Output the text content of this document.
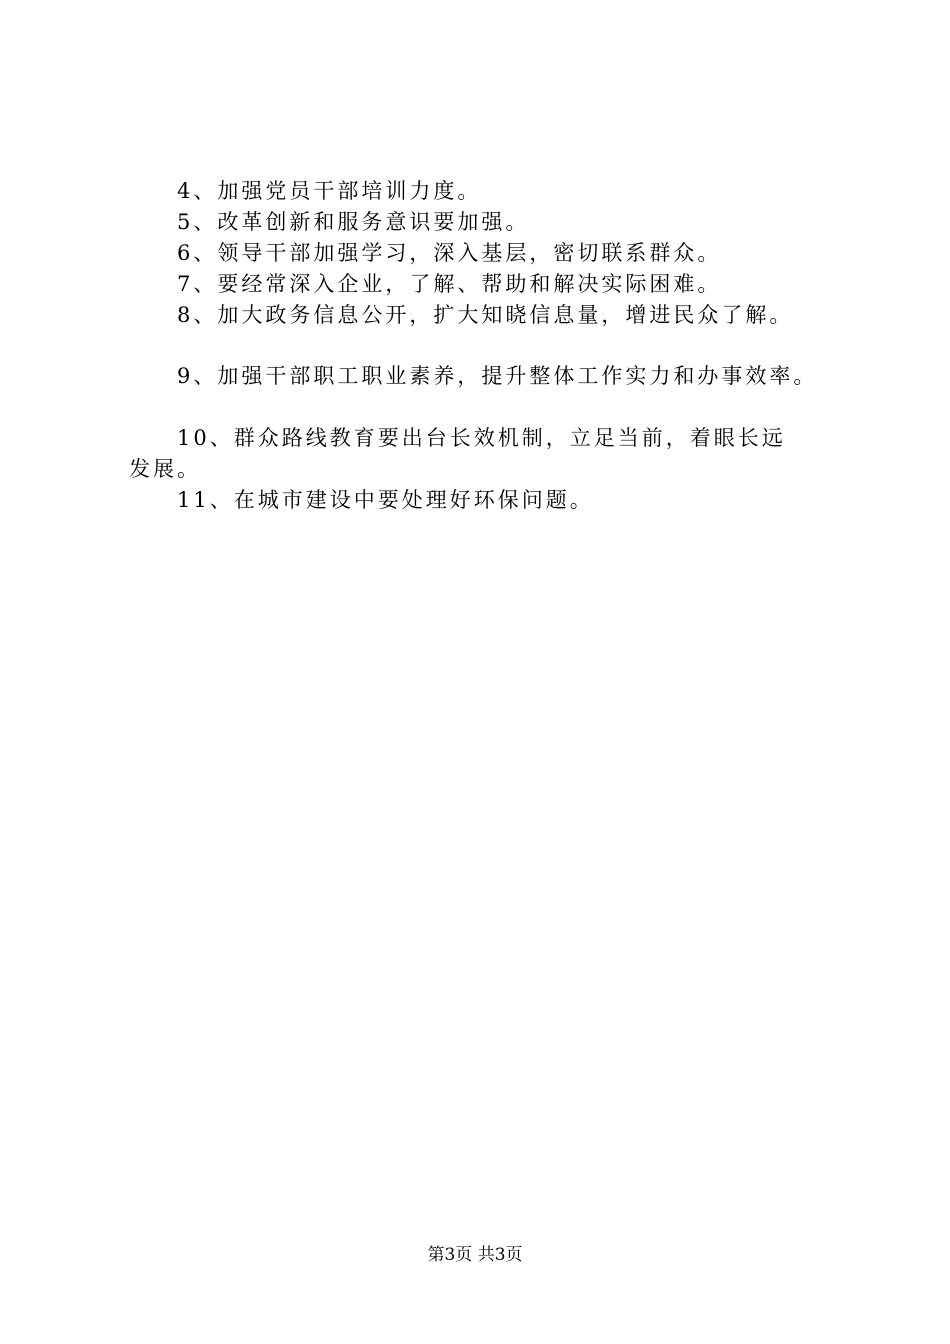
4、加强党员干部培训力度。
5、改革创新和服务意识要加强。
6、领导干部加强学习，深入基层，密切联系群众。
7、要经常深入企业，了解、帮助和解决实际困难。
8、加大政务信息公开，扩大知晓信息量，增进民众了解。
9、加强干部职工职业素养，提升整体工作实力和办事效率。
10、群众路线教育要出台长效机制，立足当前，着眼长远
发展。
11、在城市建设中要处理好环保问题。
第3页 共3页
